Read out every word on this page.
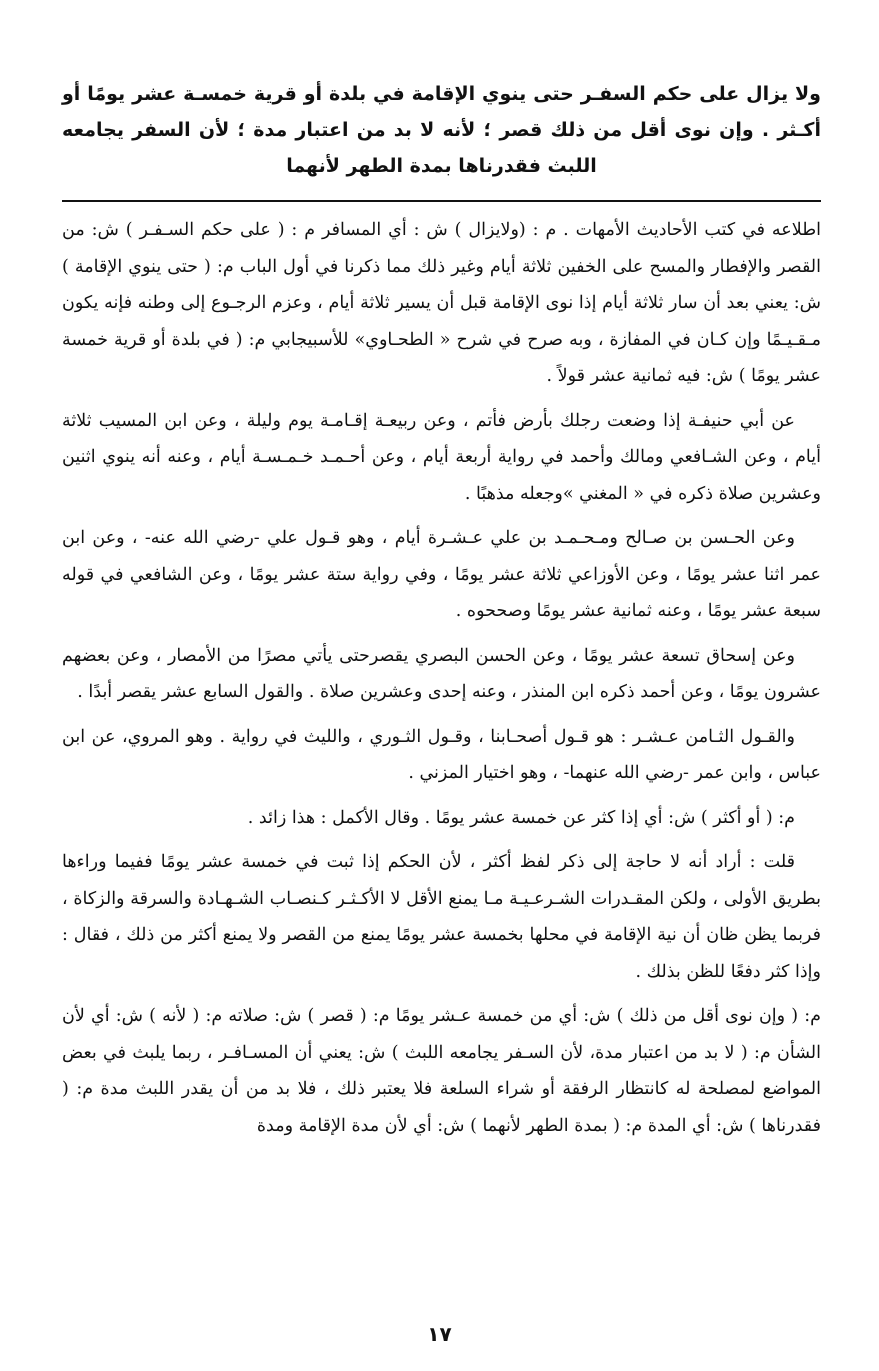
ولا يزال على حكم السفـر حتى ينوي الإقامة في بلدة أو قرية خمسـة عشر يومًا أو أكـثر . وإن نوى أقل من ذلك قصر ؛ لأنه لا بد من اعتبار مدة ؛ لأن السفر يجامعه اللبث فقدرناها بمدة الطهر لأنهما

اطلاعه في كتب الأحاديث الأمهات . م : (ولايزال ) ش : أي المسافر م : ( على حكم السـفـر ) ش: من القصر والإفطار والمسح على الخفين ثلاثة أيام وغير ذلك مما ذكرنا في أول الباب م: ( حتى ينوي الإقامة ) ش: يعني بعد أن سار ثلاثة أيام إذا نوى الإقامة قبل أن يسير ثلاثة أيام ، وعزم الرجـوع إلى وطنه فإنه يكون مـقـيـمًا وإن كـان في المفازة ، وبه صرح في شرح « الطحـاوي» للأسبيجابي م: ( في بلدة أو قرية خمسة عشر يومًا ) ش: فيه ثمانية عشر قولاً .

عن أبي حنيفـة إذا وضعت رجلك بأرض فأتم ، وعن ربيعـة إقـامـة يوم وليلة ، وعن ابن المسيب ثلاثة أيام ، وعن الشـافعي ومالك وأحمد في رواية أربعة أيام ، وعن أحـمـد خـمـسـة أيام ، وعنه أنه ينوي اثنين وعشرين صلاة ذكره في « المغني »وجعله مذهبًا .

وعن الحـسن بن صـالح ومـحـمـد بن علي عـشـرة أيام ، وهو قـول علي -رضي الله عنه- ، وعن ابن عمر اثنا عشر يومًا ، وعن الأوزاعي ثلاثة عشر يومًا ، وفي رواية ستة عشر يومًا ، وعن الشافعي في قوله سبعة عشر يومًا ، وعنه ثمانية عشر يومًا وصححوه .

وعن إسحاق تسعة عشر يومًا ، وعن الحسن البصري يقصرحتى يأتي مصرًا من الأمصار ، وعن بعضهم عشرون يومًا ، وعن أحمد ذكره ابن المنذر ، وعنه إحدى وعشرين صلاة . والقول السابع عشر يقصر أبدًا .

والقـول الثـامن عـشـر : هو قـول أصحـابنا ، وقـول الثـوري ، والليث في رواية . وهو المروي، عن ابن عباس ، وابن عمر -رضي الله عنهما- ، وهو اختيار المزني .

م: ( أو أكثر ) ش: أي إذا كثر عن خمسة عشر يومًا . وقال الأكمل : هذا زائد .

قلت : أراد أنه لا حاجة إلى ذكر لفظ أكثر ، لأن الحكم إذا ثبت في خمسة عشر يومًا ففيما وراءها بطريق الأولى ، ولكن المقـدرات الشـرعـيـة مـا يمنع الأقل لا الأكـثـر كـنصـاب الشـهـادة والسرقة والزكاة ، فربما يظن ظان أن نية الإقامة في محلها بخمسة عشر يومًا يمنع من القصر ولا يمنع أكثر من ذلك ، فقال : وإذا كثر دفعًا للظن بذلك .

م: ( وإن نوى أقل من ذلك ) ش: أي من خمسة عـشر يومًا م: ( قصر ) ش: صلاته م: ( لأنه ) ش: أي لأن الشأن م: ( لا بد من اعتبار مدة، لأن السـفر يجامعه اللبث ) ش: يعني أن المسـافـر ، ربما يلبث في بعض المواضع لمصلحة له كانتظار الرفقة أو شراء السلعة فلا يعتبر ذلك ، فلا بد من أن يقدر اللبث مدة م: ( فقدرناها ) ش: أي المدة م: ( بمدة الطهر لأنهما ) ش: أي لأن مدة الإقامة ومدة

١٧
